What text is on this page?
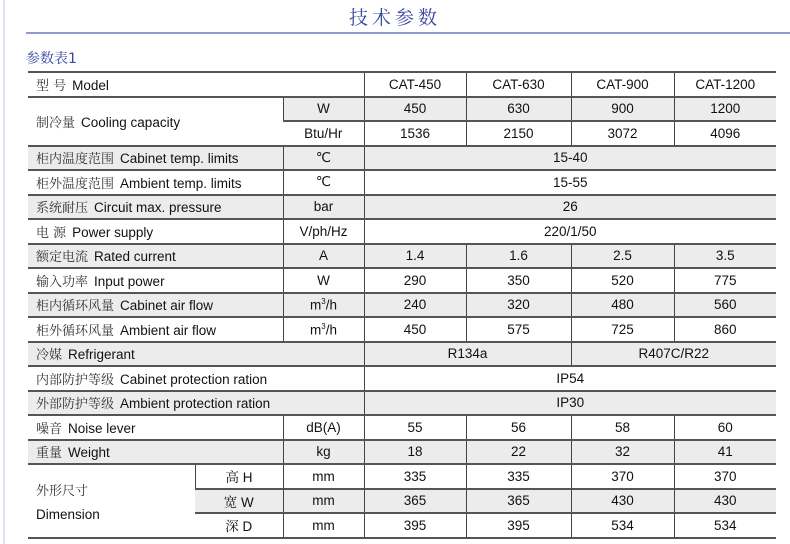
技术参数
参数表1
型 号 Model			CAT-450	CAT-630	CAT-900	CAT-1200
制冷量 Cooling capacity		W	450	630	900	1200
		Btu/Hr	1536	2150	3072	4096
柜内温度范围 Cabinet temp. limits		℃	15-40			
柜外温度范围 Ambient temp. limits		℃	15-55			
系统耐压 Circuit max. pressure		bar	26			
电 源 Power supply		V/ph/Hz	220/1/50			
额定电流 Rated current		A	1.4	1.6	2.5	3.5
输入功率 Input power		W	290	350	520	775
柜内循环风量 Cabinet air flow		$m^3/h$	240	320	480	560
柜外循环风量 Ambient air flow		$m^3/h$	450	575	725	860
冷媒 Refrigerant			R134a		R407C/R22	
内部防护等级 Cabinet protection ration			IP54			
外部防护等级 Ambient protection ration			IP30			
噪音 Noise lever		dB(A)	55	56	58	60
重量 Weight		kg	18	22	32	41

外形尺寸
Dimension	高 H	mm	335	335	370	370
	宽 W	mm	365	365	430	430
	深 D	mm	395	395	534	534
